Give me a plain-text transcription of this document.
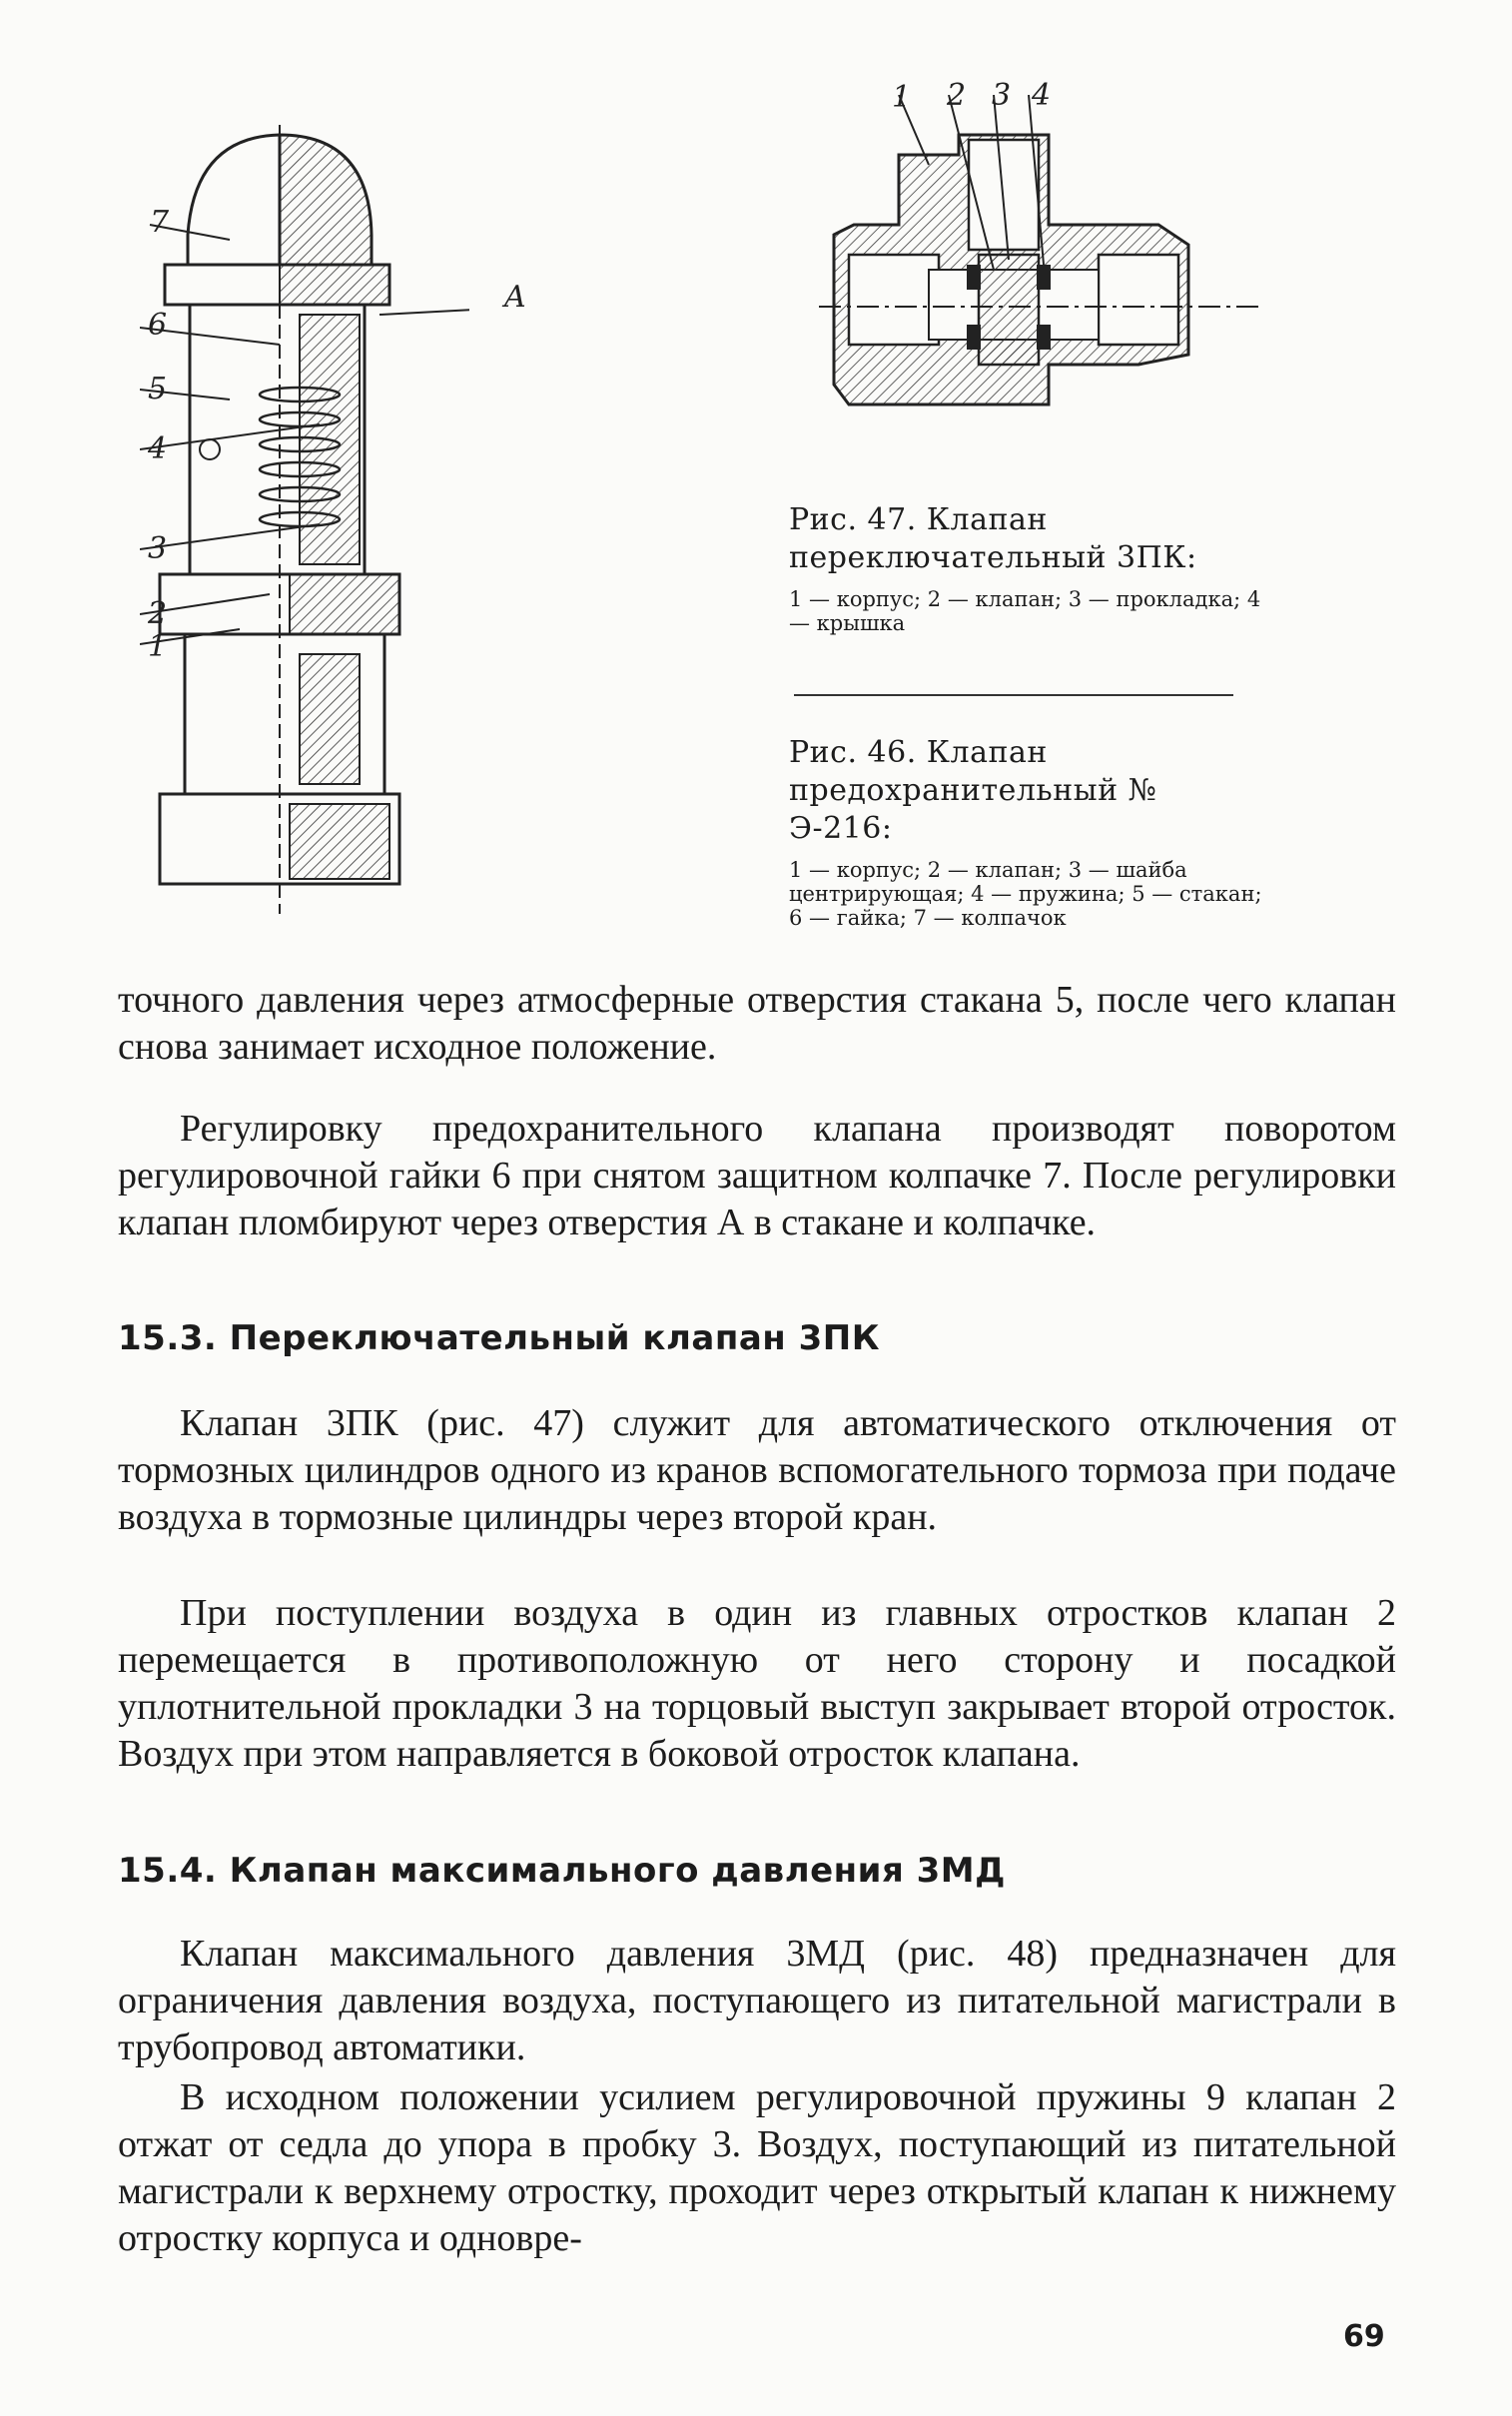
7
6
5
4
3
2
1
A
1 2 3 4
Рис. 47. Клапан переключательный 3ПК:
1 — корпус; 2 — клапан; 3 — прокладка; 4 — крышка
Рис. 46. Клапан предохранительный № Э-216:
1 — корпус; 2 — клапан; 3 — шайба центрирующая; 4 — пружина; 5 — стакан; 6 — гайка; 7 — колпачок

точного давления через атмосферные отверстия стакана 5, после чего клапан снова занимает исходное положение.

Регулировку предохранительного клапана производят поворотом регулировочной гайки 6 при снятом защитном колпачке 7. После регулировки клапан пломбируют через отверстия А в стакане и колпачке.

15.3. Переключательный клапан 3ПК

Клапан 3ПК (рис. 47) служит для автоматического отключения от тормозных цилиндров одного из кранов вспомогательного тормоза при подаче воздуха в тормозные цилиндры через второй кран.

При поступлении воздуха в один из главных отростков клапан 2 перемещается в противоположную от него сторону и посадкой уплотнительной прокладки 3 на торцовый выступ закрывает второй отросток. Воздух при этом направляется в боковой отросток клапана.

15.4. Клапан максимального давления 3МД

Клапан максимального давления 3МД (рис. 48) предназначен для ограничения давления воздуха, поступающего из питательной магистрали в трубопровод автоматики.

В исходном положении усилием регулировочной пружины 9 клапан 2 отжат от седла до упора в пробку 3. Воздух, поступающий из питательной магистрали к верхнему отростку, проходит через открытый клапан к нижнему отростку корпуса и одновре-

69
